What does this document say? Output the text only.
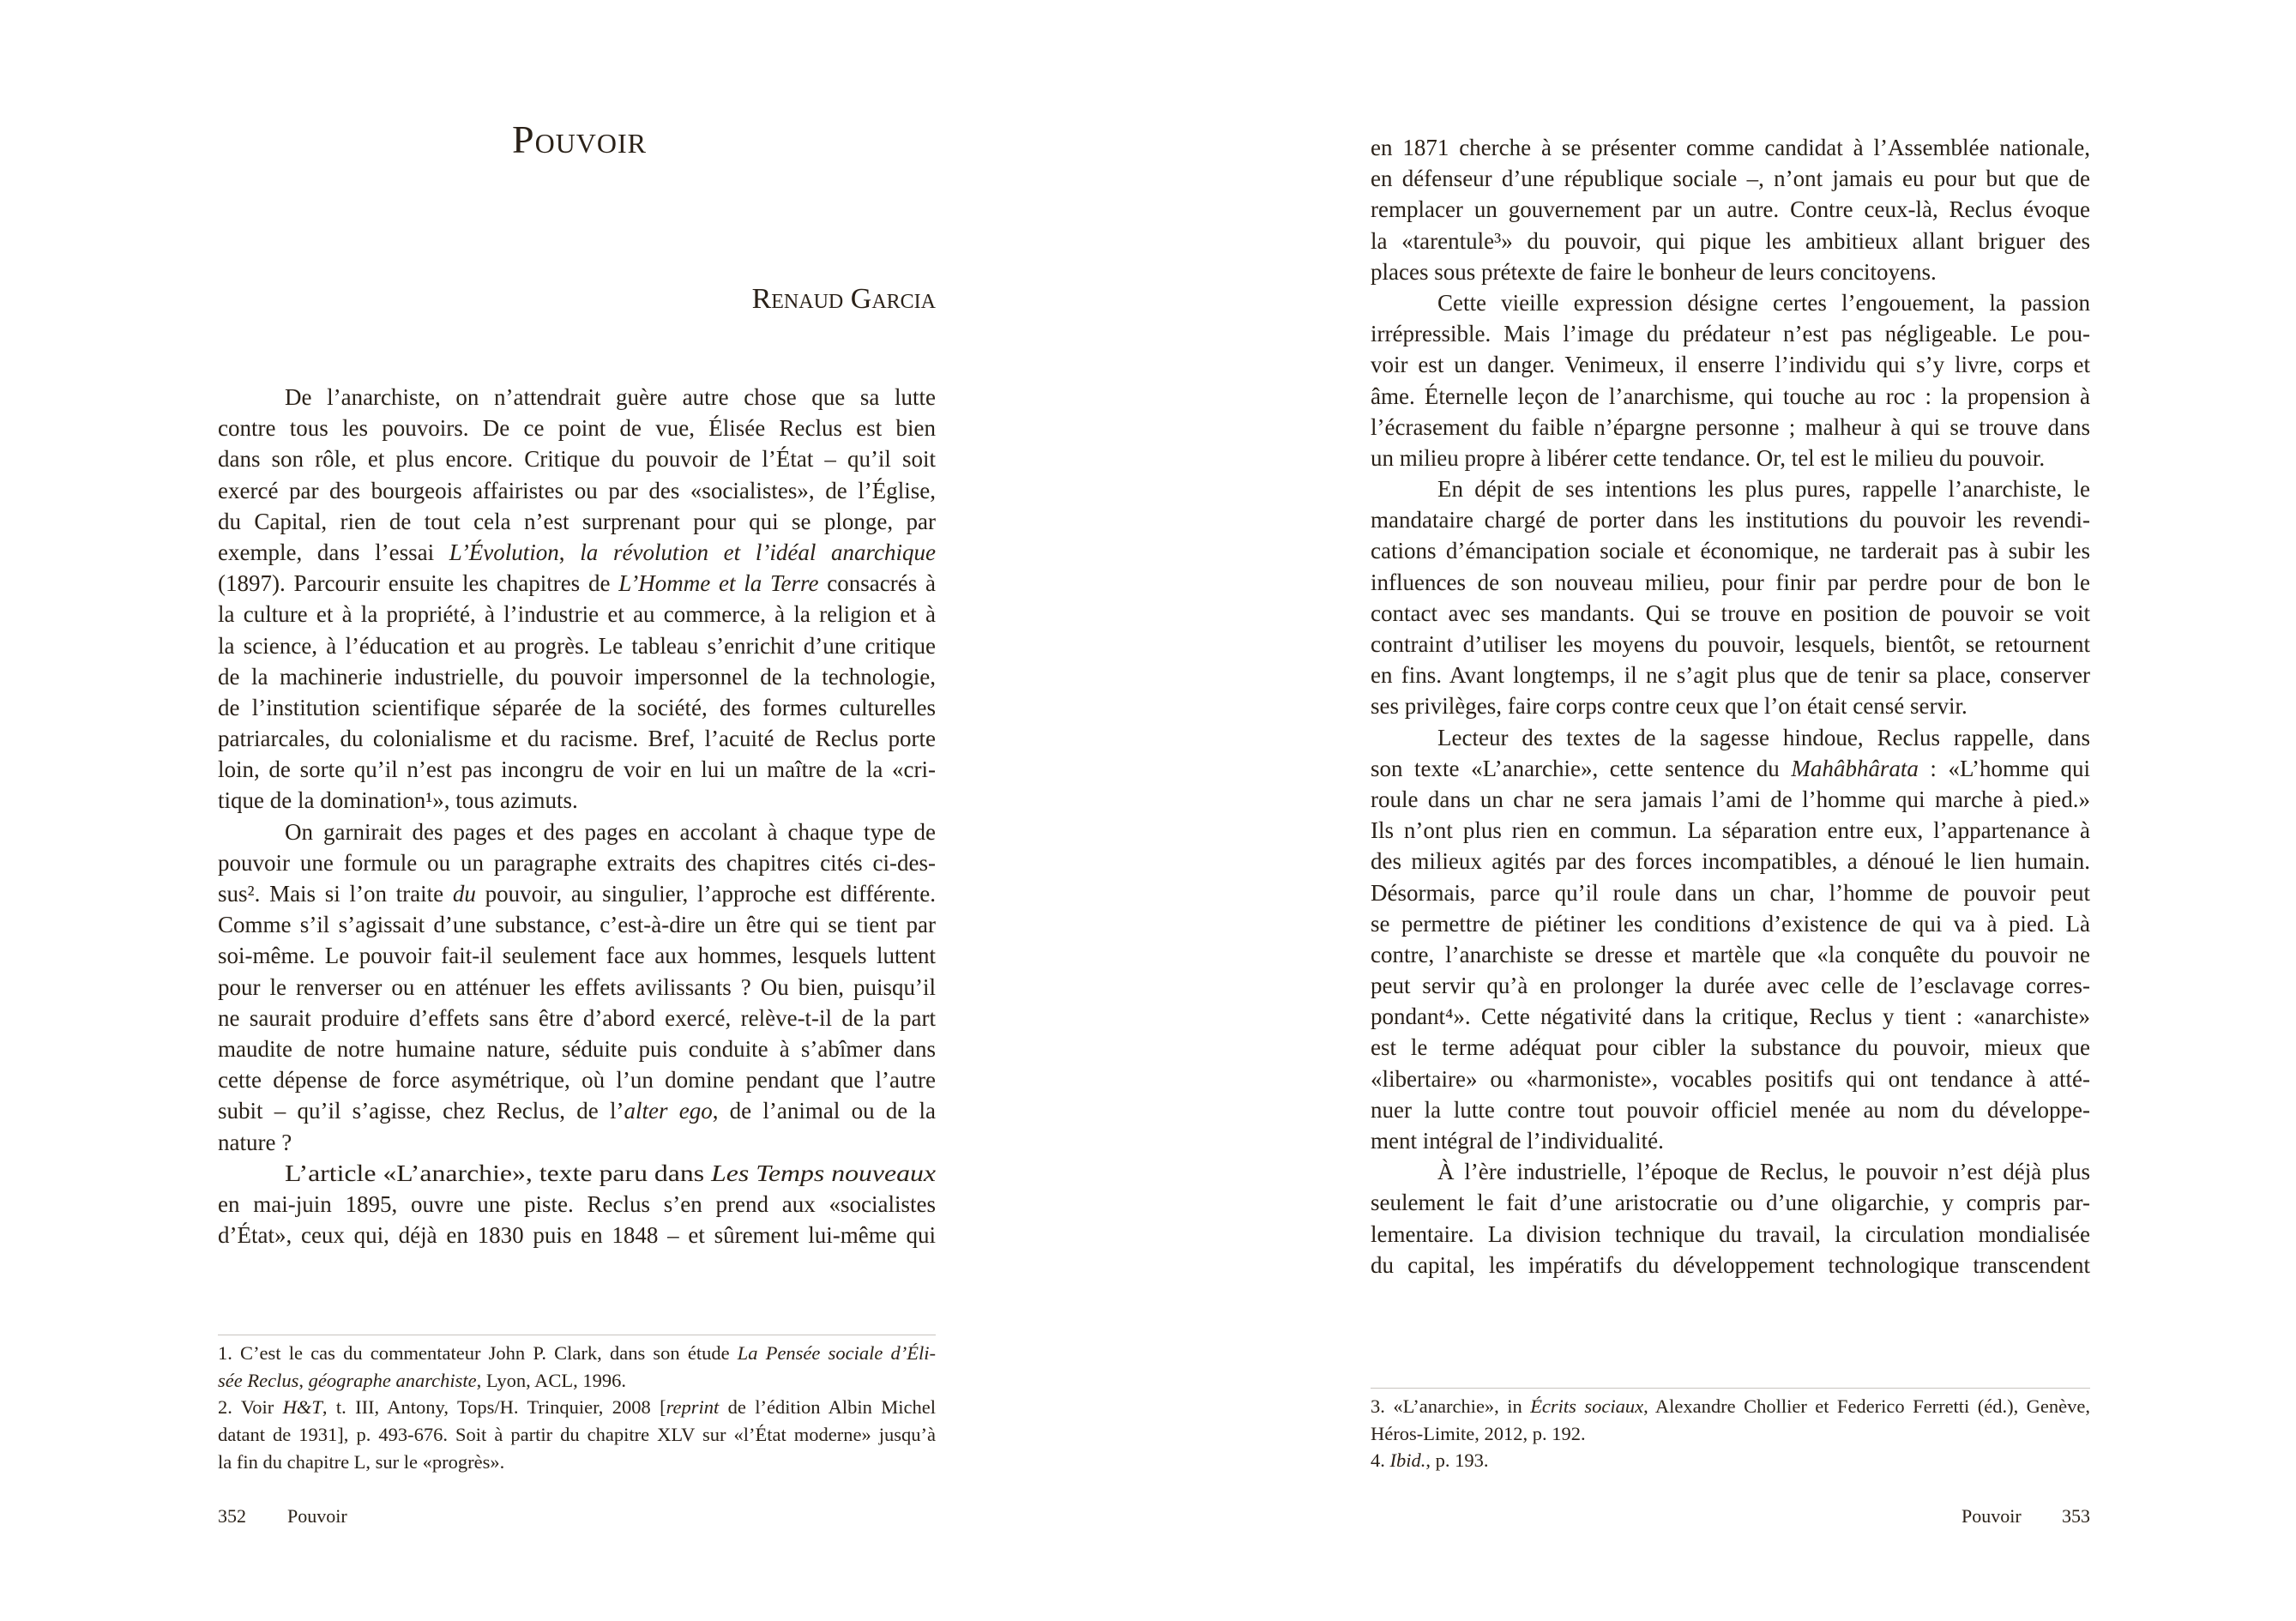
Pouvoir
Renaud Garcia
De l’anarchiste, on n’attendrait guère autre chose que sa lutte
contre tous les pouvoirs. De ce point de vue, Élisée Reclus est bien
dans son rôle, et plus encore. Critique du pouvoir de l’État – qu’il soit
exercé par des bourgeois affairistes ou par des «socialistes», de l’Église,
du Capital, rien de tout cela n’est surprenant pour qui se plonge, par
exemple, dans l’essai L’Évolution, la révolution et l’idéal anarchique
(1897). Parcourir ensuite les chapitres de L’Homme et la Terre consacrés à
la culture et à la propriété, à l’industrie et au commerce, à la religion et à
la science, à l’éducation et au progrès. Le tableau s’enrichit d’une critique
de la machinerie industrielle, du pouvoir impersonnel de la technologie,
de l’institution scientifique séparée de la société, des formes culturelles
patriarcales, du colonialisme et du racisme. Bref, l’acuité de Reclus porte
loin, de sorte qu’il n’est pas incongru de voir en lui un maître de la «cri-
tique de la domination¹», tous azimuts.
On garnirait des pages et des pages en accolant à chaque type de
pouvoir une formule ou un paragraphe extraits des chapitres cités ci-des-
sus². Mais si l’on traite du pouvoir, au singulier, l’approche est différente.
Comme s’il s’agissait d’une substance, c’est-à-dire un être qui se tient par
soi-même. Le pouvoir fait-il seulement face aux hommes, lesquels luttent
pour le renverser ou en atténuer les effets avilissants ? Ou bien, puisqu’il
ne saurait produire d’effets sans être d’abord exercé, relève-t-il de la part
maudite de notre humaine nature, séduite puis conduite à s’abîmer dans
cette dépense de force asymétrique, où l’un domine pendant que l’autre
subit – qu’il s’agisse, chez Reclus, de l’alter ego, de l’animal ou de la
nature ?
L’article «L’anarchie», texte paru dans Les Temps nouveaux
en mai-juin 1895, ouvre une piste. Reclus s’en prend aux «socialistes
d’État», ceux qui, déjà en 1830 puis en 1848 – et sûrement lui-même qui
1. C’est le cas du commentateur John P. Clark, dans son étude La Pensée sociale d’Éli-
sée Reclus, géographe anarchiste, Lyon, ACL, 1996.
2. Voir H&T, t. III, Antony, Tops/H. Trinquier, 2008 [reprint de l’édition Albin Michel
datant de 1931], p. 493-676. Soit à partir du chapitre XLV sur «l’État moderne» jusqu’à
la fin du chapitre L, sur le «progrès».
352 Pouvoir
en 1871 cherche à se présenter comme candidat à l’Assemblée nationale,
en défenseur d’une république sociale –, n’ont jamais eu pour but que de
remplacer un gouvernement par un autre. Contre ceux-là, Reclus évoque
la «tarentule³» du pouvoir, qui pique les ambitieux allant briguer des
places sous prétexte de faire le bonheur de leurs concitoyens.
Cette vieille expression désigne certes l’engouement, la passion
irrépressible. Mais l’image du prédateur n’est pas négligeable. Le pou-
voir est un danger. Venimeux, il enserre l’individu qui s’y livre, corps et
âme. Éternelle leçon de l’anarchisme, qui touche au roc : la propension à
l’écrasement du faible n’épargne personne ; malheur à qui se trouve dans
un milieu propre à libérer cette tendance. Or, tel est le milieu du pouvoir.
En dépit de ses intentions les plus pures, rappelle l’anarchiste, le
mandataire chargé de porter dans les institutions du pouvoir les revendi-
cations d’émancipation sociale et économique, ne tarderait pas à subir les
influences de son nouveau milieu, pour finir par perdre pour de bon le
contact avec ses mandants. Qui se trouve en position de pouvoir se voit
contraint d’utiliser les moyens du pouvoir, lesquels, bientôt, se retournent
en fins. Avant longtemps, il ne s’agit plus que de tenir sa place, conserver
ses privilèges, faire corps contre ceux que l’on était censé servir.
Lecteur des textes de la sagesse hindoue, Reclus rappelle, dans
son texte «L’anarchie», cette sentence du Mahâbhârata : «L’homme qui
roule dans un char ne sera jamais l’ami de l’homme qui marche à pied.»
Ils n’ont plus rien en commun. La séparation entre eux, l’appartenance à
des milieux agités par des forces incompatibles, a dénoué le lien humain.
Désormais, parce qu’il roule dans un char, l’homme de pouvoir peut
se permettre de piétiner les conditions d’existence de qui va à pied. Là
contre, l’anarchiste se dresse et martèle que «la conquête du pouvoir ne
peut servir qu’à en prolonger la durée avec celle de l’esclavage corres-
pondant⁴». Cette négativité dans la critique, Reclus y tient : «anarchiste»
est le terme adéquat pour cibler la substance du pouvoir, mieux que
«libertaire» ou «harmoniste», vocables positifs qui ont tendance à atté-
nuer la lutte contre tout pouvoir officiel menée au nom du développe-
ment intégral de l’individualité.
À l’ère industrielle, l’époque de Reclus, le pouvoir n’est déjà plus
seulement le fait d’une aristocratie ou d’une oligarchie, y compris par-
lementaire. La division technique du travail, la circulation mondialisée
du capital, les impératifs du développement technologique transcendent
3. «L’anarchie», in Écrits sociaux, Alexandre Chollier et Federico Ferretti (éd.), Genève,
Héros-Limite, 2012, p. 192.
4. Ibid., p. 193.
Pouvoir 353
